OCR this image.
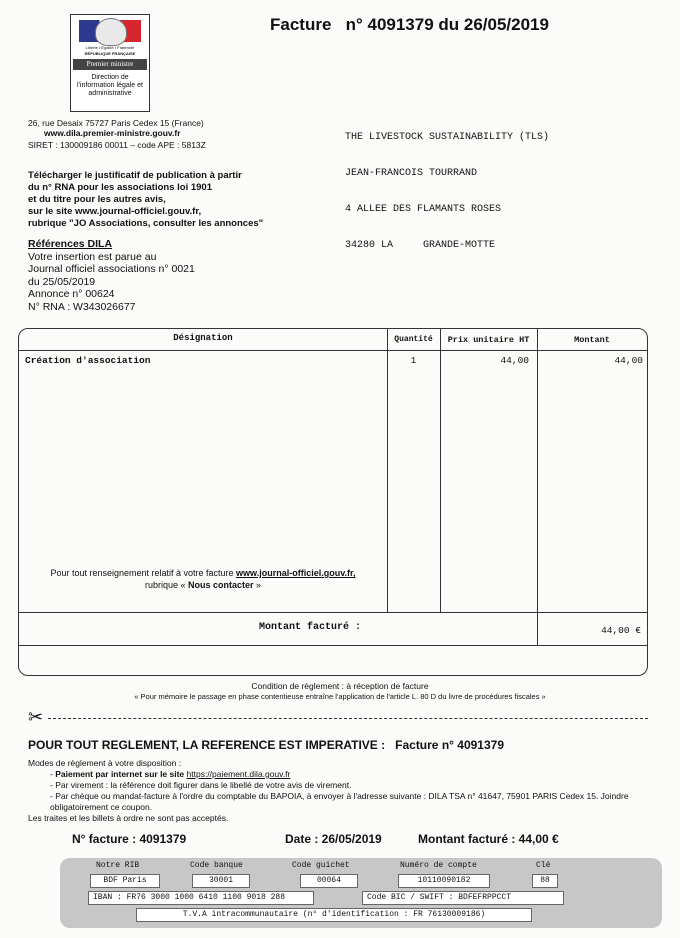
Liberté • Égalité • Fraternité
RÉPUBLIQUE FRANÇAISE
Premier ministre
Direction de l'information légale et administrative
Facture   n° 4091379 du 26/05/2019
26, rue Desaix 75727 Paris Cedex 15 (France)
www.dila.premier-ministre.gouv.fr
SIRET : 130009186 00011 – code APE : 5813Z

THE LIVESTOCK SUSTAINABILITY (TLS)

JEAN-FRANCOIS TOURRAND

4 ALLEE DES FLAMANTS ROSES

34280 LA     GRANDE-MOTTE

Télécharger le justificatif de publication à partir
du n° RNA pour les associations loi 1901
et du titre pour les autres avis,
sur le site www.journal-officiel.gouv.fr,
rubrique "JO Associations, consulter les annonces"
Références DILA
Votre insertion est parue au
Journal officiel associations n° 0021
du 25/05/2019
Annonce n° 00624
N° RNA : W343026677
Désignation	Quantité	Prix unitaire HT	Montant
Création d'association	1	44,00	44,00
Pour tout renseignement relatif à votre facture www.journal-officiel.gouv.fr,
rubrique « Nous contacter »
Montant facturé :	44,00 €
Condition de règlement : à réception de facture
« Pour mémoire le passage en phase contentieuse entraîne l'application de l'article L. 80 D du livre de procédures fiscales »
✂
POUR TOUT REGLEMENT, LA REFERENCE EST IMPERATIVE :   Facture n° 4091379
Modes de règlement à votre disposition :
- Paiement par internet sur le site https://paiement.dila.gouv.fr
- Par virement : la référence doit figurer dans le libellé de votre avis de virement.
- Par chèque ou mandat-facture à l'ordre du comptable du BAPOIA, à envoyer à l'adresse suivante : DILA TSA n° 41647, 75901 PARIS Cedex 15. Joindre obligatoirement ce coupon.
Les traites et les billets à ordre ne sont pas acceptés.
N° facture : 4091379	Date : 26/05/2019	Montant facturé : 44,00 €
Notre RIB	Code banque	Code guichet	Numéro de compte	Clé
BDF Paris	30001	00064	10110090182	88
IBAN : FR76 3000 1000 6410 1100 9018 288	Code BIC / SWIFT : BDFEFRPPCCT
T.V.A intracommunautaire (n° d'identification : FR 76130009186)
